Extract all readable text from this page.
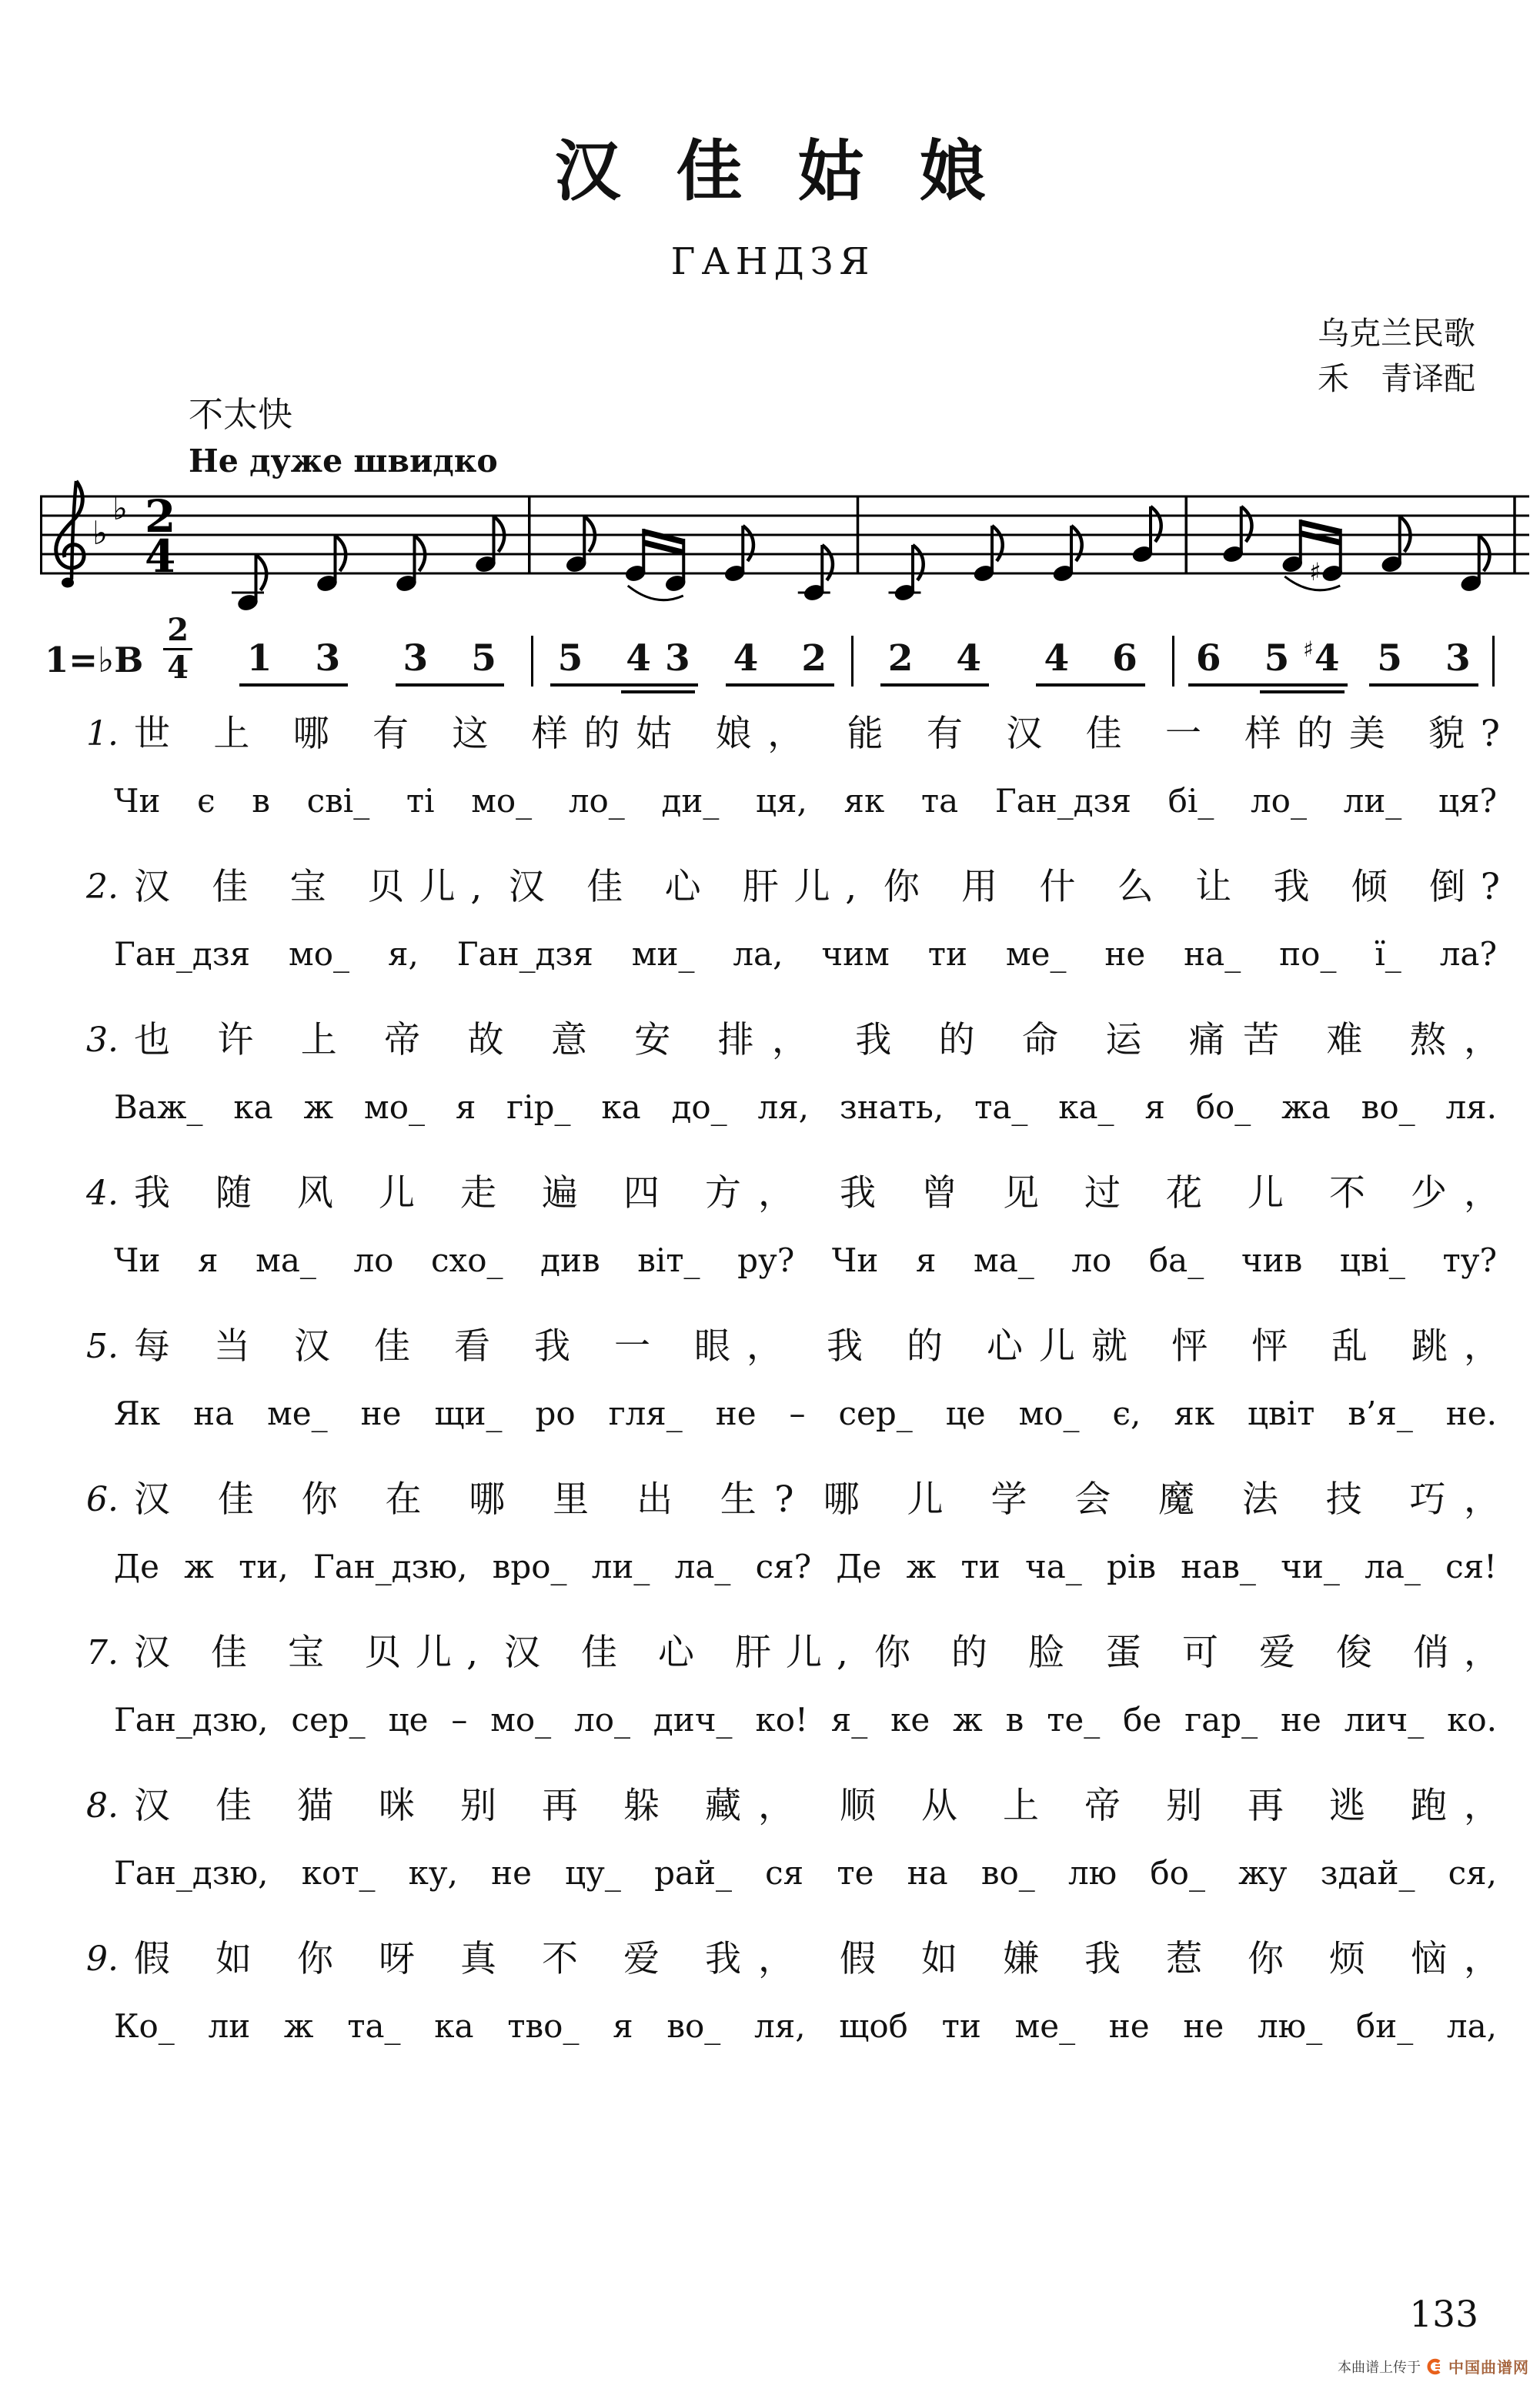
汉佳姑娘
ГАНДЗЯ
乌克兰民歌
禾　青译配
不太快
Не дуже швидко
♭
♭ 2
4	♯
1=♭B $\frac{2}{4} 1$ 3 3 5 5 4 3 4 2 2 4 4 6 6 5 ♯4 5 3
1. 世 上 哪 有 这 样的姑 娘， 能 有 汉 佳 一 样的美 貌?
Чи є в сві_ ті мо_ ло_ ди_ ця, як та Ган_дзя бі_ ло_ ли_ ця?
2. 汉 佳 宝 贝儿, 汉 佳 心 肝儿, 你 用 什 么 让 我 倾 倒?
Ган_дзя мо_ я, Ган_дзя ми_ ла, чим ти ме_ не на_ по_ ї_ ла?
3. 也 许 上 帝 故 意 安 排， 我 的 命 运 痛苦 难 熬，
Важ_ ка ж мо_ я гір_ ка до_ ля, знать, та_ ка_ я бо_ жа во_ ля.
4. 我 随 风 儿 走 遍 四 方， 我 曾 见 过 花 儿 不 少，
Чи я ма_ ло схо_ див віт_ ру? Чи я ма_ ло ба_ чив цві_ ту?
5. 每 当 汉 佳 看 我 一 眼， 我 的 心儿就 怦 怦 乱 跳，
Як на ме_ не щи_ ро гля_ не – сер_ це мо_ є, як цвіт в’я_ не.
6. 汉 佳 你 在 哪 里 出 生? 哪 儿 学 会 魔 法 技 巧，
Де ж ти, Ган_дзю, вро_ ли_ ла_ ся? Де ж ти ча_ рів нав_ чи_ ла_ ся!
7. 汉 佳 宝 贝儿, 汉 佳 心 肝儿, 你 的 脸 蛋 可 爱 俊 俏，
Ган_дзю, сер_ це – мо_ ло_ дич_ ко! я_ ке ж в те_ бе гар_ не лич_ ко.
8. 汉 佳 猫 咪 别 再 躲 藏， 顺 从 上 帝 别 再 逃 跑，
Ган_дзю, кот_ ку, не цу_ рай_ ся те на во_ лю бо_ жу здай_ ся,
9. 假 如 你 呀 真 不 爱 我， 假 如 嫌 我 惹 你 烦 恼，
Ко_ ли ж та_ ка тво_ я во_ ля, щоб ти ме_ не не лю_ би_ ла,
133
本曲谱上传于 中国曲谱网
